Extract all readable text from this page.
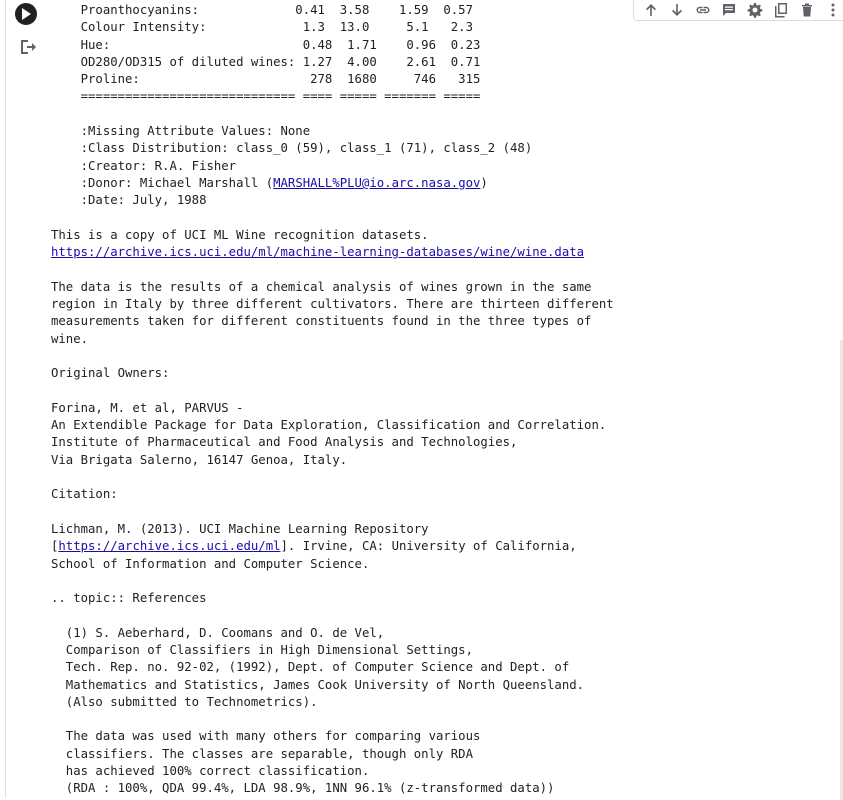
Proanthocyanins:             0.41  3.58    1.59  0.57
Colour Intensity:             1.3  13.0     5.1   2.3
Hue:                          0.48  1.71    0.96  0.23
OD280/OD315 of diluted wines: 1.27  4.00    2.61  0.71
Proline:                       278  1680     746   315
============================= ==== ===== ======= =====

:Missing Attribute Values: None
:Class Distribution: class_0 (59), class_1 (71), class_2 (48)
:Creator: R.A. Fisher
:Donor: Michael Marshall (MARSHALL%PLU@io.arc.nasa.gov)
:Date: July, 1988

This is a copy of UCI ML Wine recognition datasets.
https://archive.ics.uci.edu/ml/machine-learning-databases/wine/wine.data

The data is the results of a chemical analysis of wines grown in the same
region in Italy by three different cultivators. There are thirteen different
measurements taken for different constituents found in the three types of
wine.

Original Owners:

Forina, M. et al, PARVUS -
An Extendible Package for Data Exploration, Classification and Correlation.
Institute of Pharmaceutical and Food Analysis and Technologies,
Via Brigata Salerno, 16147 Genoa, Italy.

Citation:

Lichman, M. (2013). UCI Machine Learning Repository
[https://archive.ics.uci.edu/ml]. Irvine, CA: University of California,
School of Information and Computer Science.

.. topic:: References

(1) S. Aeberhard, D. Coomans and O. de Vel,
Comparison of Classifiers in High Dimensional Settings,
Tech. Rep. no. 92-02, (1992), Dept. of Computer Science and Dept. of
Mathematics and Statistics, James Cook University of North Queensland.
(Also submitted to Technometrics).

The data was used with many others for comparing various
classifiers. The classes are separable, though only RDA
has achieved 100% correct classification.
(RDA : 100%, QDA 99.4%, LDA 98.9%, 1NN 96.1% (z-transformed data))
